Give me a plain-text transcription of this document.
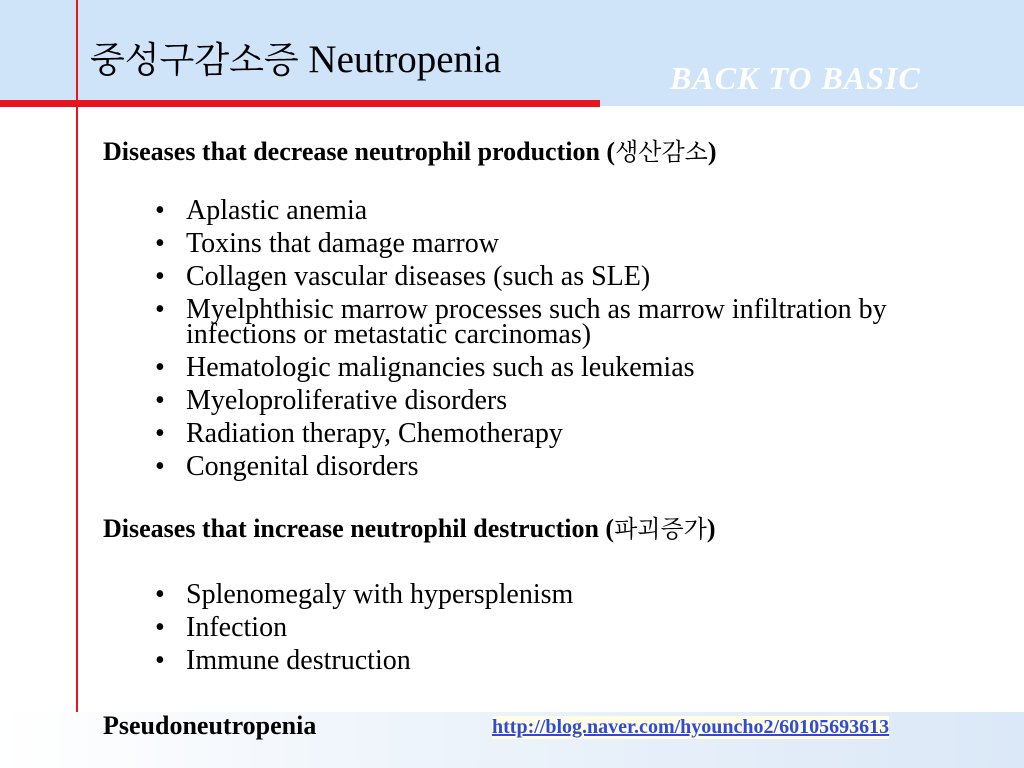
중성구감소증 Neutropenia	BACK TO BASIC
Diseases that decrease neutrophil production (생산감소)
• Aplastic anemia
• Toxins that damage marrow
• Collagen vascular diseases (such as SLE)
• Myelphthisic marrow processes such as marrow infiltration by infections or metastatic carcinomas)
• Hematologic malignancies such as leukemias
• Myeloproliferative disorders
• Radiation therapy, Chemotherapy
• Congenital disorders
Diseases that increase neutrophil destruction (파괴증가)
• Splenomegaly with hypersplenism
• Infection
• Immune destruction
Pseudoneutropenia	http://blog.naver.com/hyouncho2/60105693613
